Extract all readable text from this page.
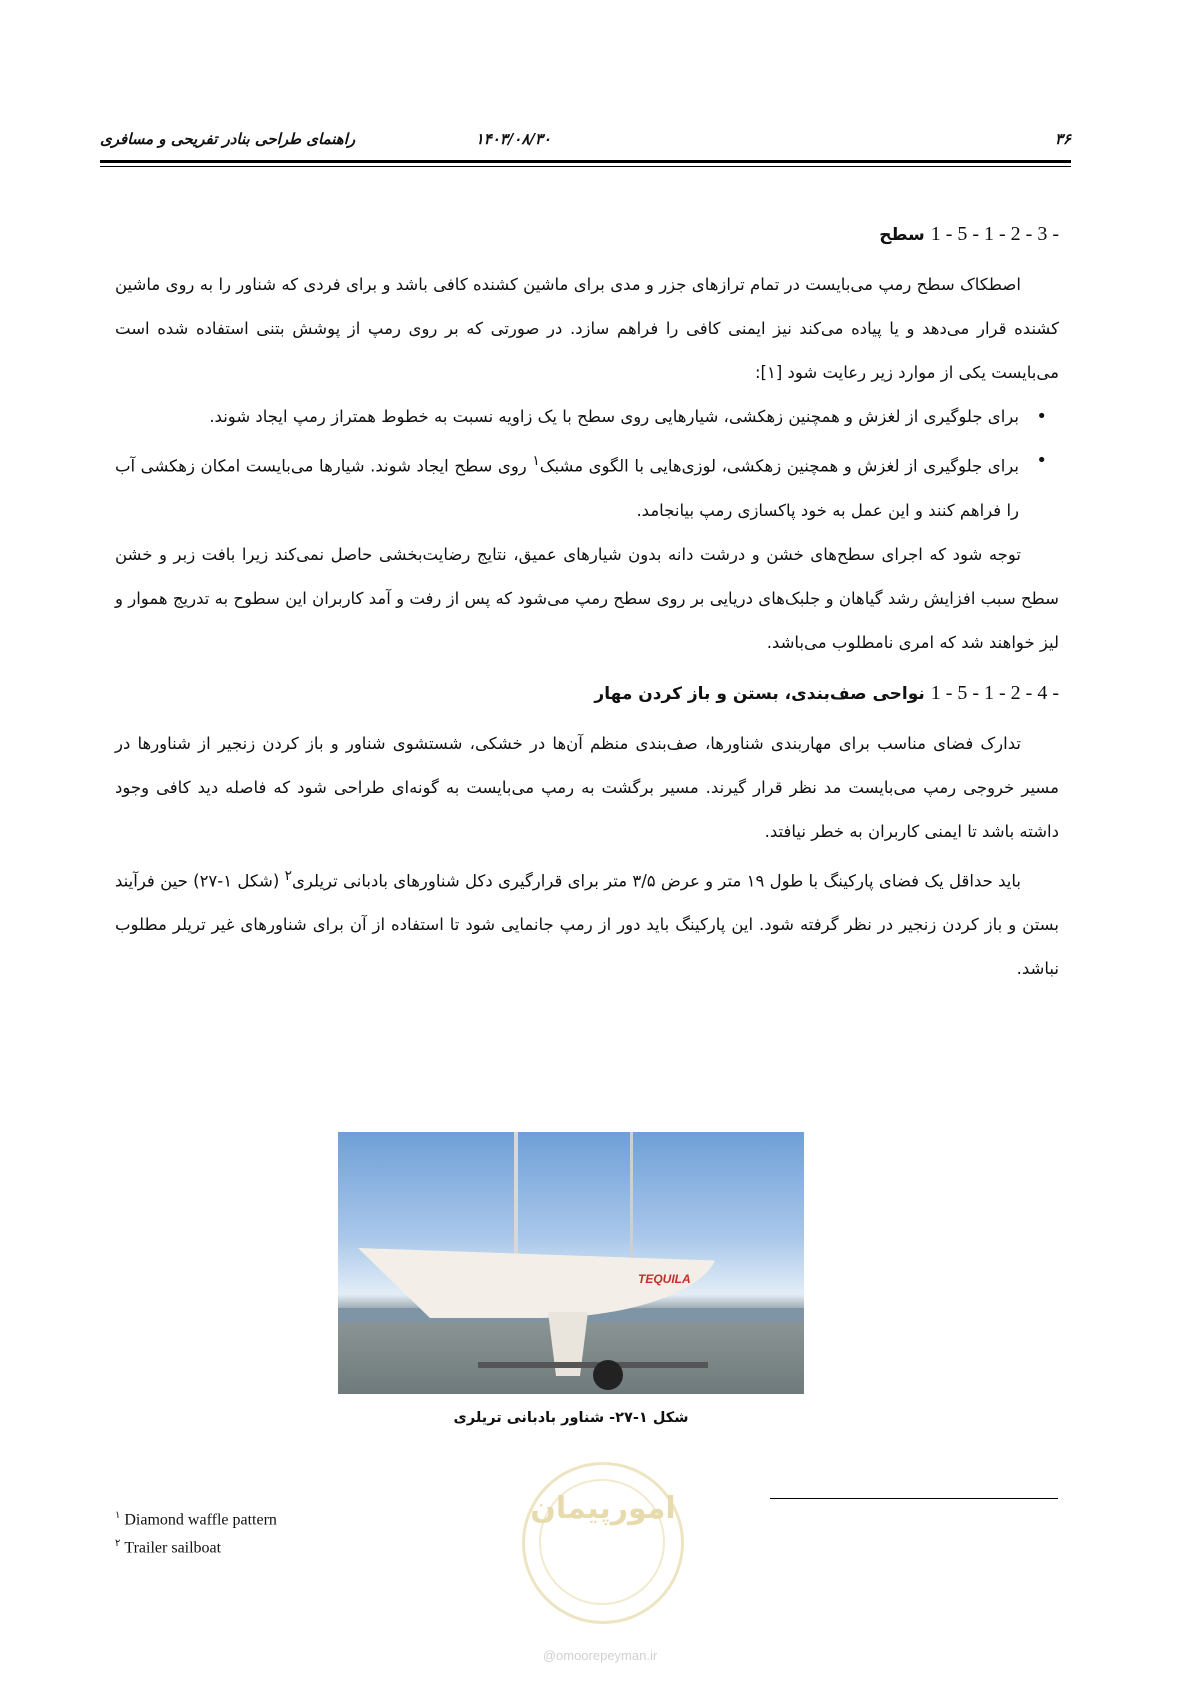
۳۶
۱۴۰۳/۰۸/۳۰
راهنمای طراحی بنادر تفریحی و مسافری
1 - 5 - 1 - 2 - 3 - سطح

اصطکاک سطح رمپ می‌بایست در تمام ترازهای جزر و مدی برای ماشین کشنده کافی باشد و برای فردی که شناور را به روی ماشین کشنده قرار می‌دهد و یا پیاده می‌کند نیز ایمنی کافی را فراهم سازد. در صورتی که بر روی رمپ از پوشش بتنی استفاده شده است می‌بایست یکی از موارد زیر رعایت شود [۱]:

• برای جلوگیری از لغزش و همچنین زهکشی، شیارهایی روی سطح با یک زاویه نسبت به خطوط همتراز رمپ ایجاد شوند.
• برای جلوگیری از لغزش و همچنین زهکشی، لوزی‌هایی با الگوی مشبک$^۱$ روی سطح ایجاد شوند. شیارها می‌بایست امکان زهکشی آب را فراهم کنند و این عمل به خود پاکسازی رمپ بیانجامد.

توجه شود که اجرای سطح‌های خشن و درشت دانه بدون شیارهای عمیق، نتایج رضایت‌بخشی حاصل نمی‌کند زیرا بافت زبر و خشن سطح سبب افزایش رشد گیاهان و جلبک‌های دریایی بر روی سطح رمپ می‌شود که پس از رفت و آمد کاربران این سطوح به تدریج هموار و لیز خواهند شد که امری نامطلوب می‌باشد.

1 - 5 - 1 - 2 - 4 - نواحی صف‌بندی، بستن و باز کردن مهار

تدارک فضای مناسب برای مهاربندی شناورها، صف‌بندی منظم آن‌ها در خشکی، شستشوی شناور و باز کردن زنجیر از شناورها در مسیر خروجی رمپ می‌بایست مد نظر قرار گیرند. مسیر برگشت به رمپ می‌بایست به گونه‌ای طراحی شود که فاصله دید کافی وجود داشته باشد تا ایمنی کاربران به خطر نیافتد.

باید حداقل یک فضای پارکینگ با طول ۱۹ متر و عرض ۳/۵ متر برای قرارگیری دکل شناورهای بادبانی تریلری$^۲$ (شکل ۱-۲۷) حین فرآیند بستن و باز کردن زنجیر در نظر گرفته شود. این پارکینگ باید دور از رمپ جانمایی شود تا استفاده از آن برای شناورهای غیر تریلر مطلوب نباشد.

TEQUILA
شکل ۱-۲۷- شناور بادبانی تریلری
$^۱$ Diamond waffle pattern
$^۲$ Trailer sailboat
امورپیمان
@omoorepeyman.ir
